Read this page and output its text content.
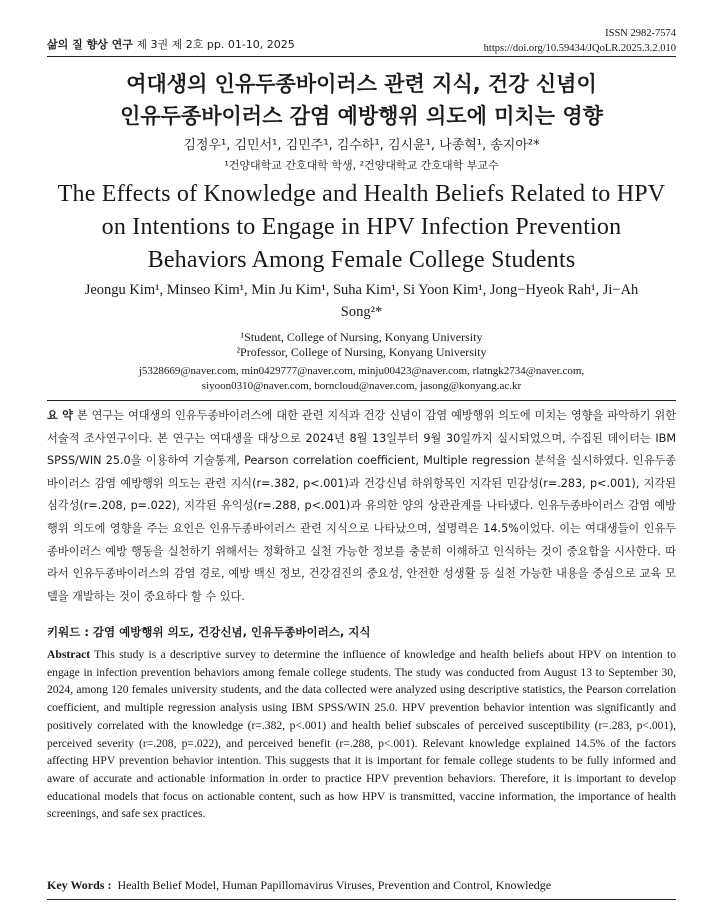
삶의 질 향상 연구 제 3권 제 2호 pp. 01-10, 2025
ISSN 2982-7574
https://doi.org/10.59434/JQoLR.2025.3.2.010
여대생의 인유두종바이러스 관련 지식, 건강 신념이
인유두종바이러스 감염 예방행위 의도에 미치는 영향
김정우¹, 김민서¹, 김민주¹, 김수하¹, 김시윤¹, 나종혁¹, 송지아²*
¹건양대학교 간호대학 학생, ²건양대학교 간호대학 부교수
The Effects of Knowledge and Health Beliefs Related to HPV
on Intentions to Engage in HPV Infection Prevention
Behaviors Among Female College Students
Jeongu Kim¹, Minseo Kim¹, Min Ju Kim¹, Suha Kim¹, Si Yoon Kim¹, Jong−Hyeok Rah¹, Ji−Ah Song²*
¹Student, College of Nursing, Konyang University
²Professor, College of Nursing, Konyang University
j5328669@naver.com, min0429777@naver.com, minju00423@naver.com, rlatngk2734@naver.com,
siyoon0310@naver.com, borncloud@naver.com, jasong@konyang.ac.kr
요 약 본 연구는 여대생의 인유두종바이러스에 대한 관련 지식과 건강 신념이 감염 예방행위 의도에 미치는 영향을 파악하기 위한 서술적 조사연구이다. 본 연구는 여대생을 대상으로 2024년 8월 13일부터 9월 30일까지 실시되었으며, 수집된 데이터는 IBM SPSS/WIN 25.0을 이용하여 기술통계, Pearson correlation coefficient, Multiple regression 분석을 실시하였다. 인유두종바이러스 감염 예방행위 의도는 관련 지식(r=.382, p<.001)과 건강신념 하위항목인 지각된 민감성(r=.283, p<.001), 지각된 심각성(r=.208, p=.022), 지각된 유익성(r=.288, p<.001)과 유의한 양의 상관관계를 나타냈다. 인유두종바이러스 감염 예방행위 의도에 영향을 주는 요인은 인유두종바이러스 관련 지식으로 나타났으며, 설명력은 14.5%이었다. 이는 여대생들이 인유두종바이러스 예방 행동을 실천하기 위해서는 정확하고 실천 가능한 정보를 충분히 이해하고 인식하는 것이 중요함을 시사한다. 따라서 인유두종바이러스의 감염 경로, 예방 백신 정보, 건강검진의 중요성, 안전한 성생활 등 실천 가능한 내용을 중심으로 교육 모델을 개발하는 것이 중요하다 할 수 있다.
키워드 : 감염 예방행위 의도, 건강신념, 인유두종바이러스, 지식
Abstract This study is a descriptive survey to determine the influence of knowledge and health beliefs about HPV on intention to engage in infection prevention behaviors among female college students. The study was conducted from August 13 to September 30, 2024, among 120 females university students, and the data collected were analyzed using descriptive statistics, the Pearson correlation coefficient, and multiple regression analysis using IBM SPSS/WIN 25.0. HPV prevention behavior intention was significantly and positively correlated with the knowledge (r=.382, p<.001) and health belief subscales of perceived susceptibility (r=.283, p<.001), perceived severity (r=.208, p=.022), and perceived benefit (r=.288, p<.001). Relevant knowledge explained 14.5% of the factors affecting HPV prevention behavior intention. This suggests that it is important for female college students to be fully informed and aware of accurate and actionable information in order to practice HPV prevention behaviors. Therefore, it is important to develop educational models that focus on actionable content, such as how HPV is transmitted, vaccine information, the importance of health screenings, and safe sex practices.
Key Words : Health Belief Model, Human Papillomavirus Viruses, Prevention and Control, Knowledge
